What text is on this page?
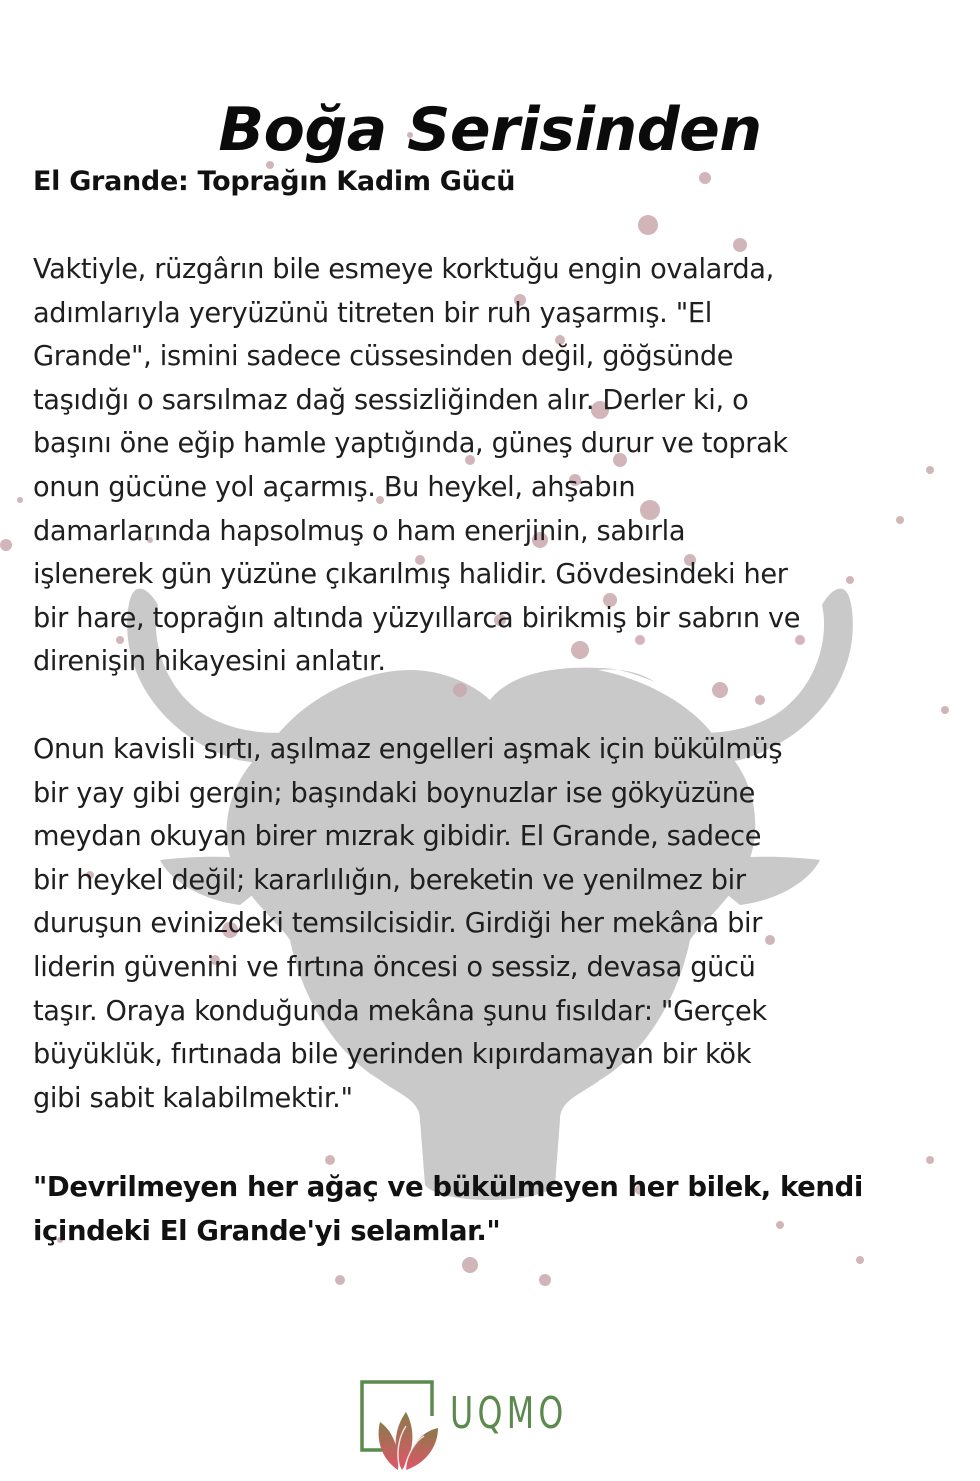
Boğa Serisinden
El Grande: Toprağın Kadim Gücü
Vaktiyle, rüzgârın bile esmeye korktuğu engin ovalarda,
adımlarıyla yeryüzünü titreten bir ruh yaşarmış. "El
Grande", ismini sadece cüssesinden değil, göğsünde
taşıdığı o sarsılmaz dağ sessizliğinden alır. Derler ki, o
başını öne eğip hamle yaptığında, güneş durur ve toprak
onun gücüne yol açarmış. Bu heykel, ahşabın
damarlarında hapsolmuş o ham enerjinin, sabırla
işlenerek gün yüzüne çıkarılmış halidir. Gövdesindeki her
bir hare, toprağın altında yüzyıllarca birikmiş bir sabrın ve
direnişin hikayesini anlatır.
Onun kavisli sırtı, aşılmaz engelleri aşmak için bükülmüş
bir yay gibi gergin; başındaki boynuzlar ise gökyüzüne
meydan okuyan birer mızrak gibidir. El Grande, sadece
bir heykel değil; kararlılığın, bereketin ve yenilmez bir
duruşun evinizdeki temsilcisidir. Girdiği her mekâna bir
liderin güvenini ve fırtına öncesi o sessiz, devasa gücü
taşır. Oraya konduğunda mekâna şunu fısıldar: "Gerçek
büyüklük, fırtınada bile yerinden kıpırdamayan bir kök
gibi sabit kalabilmektir."
"Devrilmeyen her ağaç ve bükülmeyen her bilek, kendi
içindeki El Grande'yi selamlar."
UQMO
